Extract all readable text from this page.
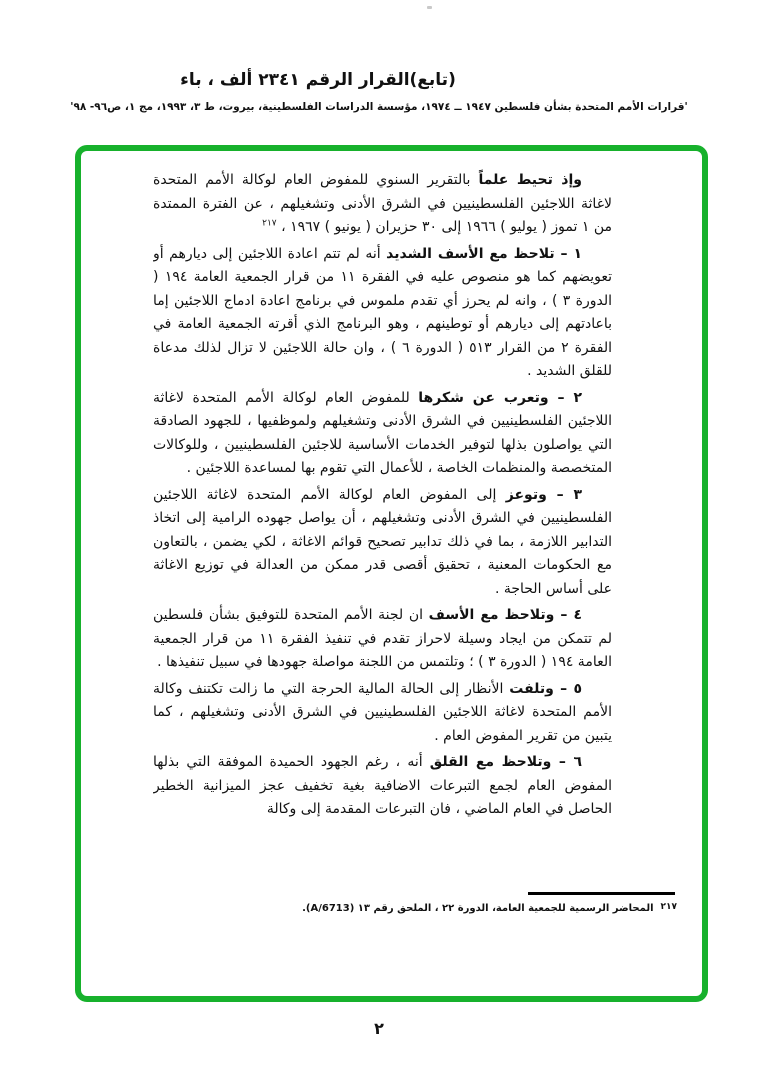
(تابع)القرار الرقم ٢٣٤١ ألف ، باء
'قرارات الأمم المتحدة بشأن فلسطين ١٩٤٧ ــ ١٩٧٤، مؤسسة الدراسات الفلسطينية، بيروت، ط ٣، ١٩٩٣، مج ١، ص٩٦- ٩٨'

وإذ تحيط علماً بالتقرير السنوي للمفوض العام لوكالة الأمم المتحدة لاغاثة اللاجئين الفلسطينيين في الشرق الأدنى وتشغيلهم ، عن الفترة الممتدة من ١ تموز ( يوليو ) ١٩٦٦ إلى ٣٠ حزيران ( يونيو ) ١٩٦٧ ، $^{٢١٧}$

١ – تلاحظ مع الأسف الشديد أنه لم تتم اعادة اللاجئين إلى ديارهم أو تعويضهم كما هو منصوص عليه في الفقرة ١١ من قرار الجمعية العامة ١٩٤ ( الدورة ٣ ) ، وانه لم يحرز أي تقدم ملموس في برنامج اعادة ادماج اللاجئين إما باعادتهم إلى ديارهم أو توطينهم ، وهو البرنامج الذي أقرته الجمعية العامة في الفقرة ٢ من القرار ٥١٣ ( الدورة ٦ ) ، وان حالة اللاجئين لا تزال لذلك مدعاة للقلق الشديد .

٢ – وتعرب عن شكرها للمفوض العام لوكالة الأمم المتحدة لاغاثة اللاجئين الفلسطينيين في الشرق الأدنى وتشغيلهم ولموظفيها ، للجهود الصادقة التي يواصلون بذلها لتوفير الخدمات الأساسية للاجئين الفلسطينيين ، وللوكالات المتخصصة والمنظمات الخاصة ، للأعمال التي تقوم بها لمساعدة اللاجئين .

٣ – وتوعز إلى المفوض العام لوكالة الأمم المتحدة لاغاثة اللاجئين الفلسطينيين في الشرق الأدنى وتشغيلهم ، أن يواصل جهوده الرامية إلى اتخاذ التدابير اللازمة ، بما في ذلك تدابير تصحيح قوائم الاغاثة ، لكي يضمن ، بالتعاون مع الحكومات المعنية ، تحقيق أقصى قدر ممكن من العدالة في توزيع الاغاثة على أساس الحاجة .

٤ – وتلاحظ مع الأسف ان لجنة الأمم المتحدة للتوفيق بشأن فلسطين لم تتمكن من ايجاد وسيلة لاحراز تقدم في تنفيذ الفقرة ١١ من قرار الجمعية العامة ١٩٤ ( الدورة ٣ ) ؛ وتلتمس من اللجنة مواصلة جهودها في سبيل تنفيذها .

٥ – وتلفت الأنظار إلى الحالة المالية الحرجة التي ما زالت تكتنف وكالة الأمم المتحدة لاغاثة اللاجئين الفلسطينيين في الشرق الأدنى وتشغيلهم ، كما يتبين من تقرير المفوض العام .

٦ – وتلاحظ مع القلق أنه ، رغم الجهود الحميدة الموفقة التي بذلها المفوض العام لجمع التبرعات الاضافية بغية تخفيف عجز الميزانية الخطير الحاصل في العام الماضي ، فان التبرعات المقدمة إلى وكالة

٢١٧المحاضر الرسمية للجمعية العامة، الدورة ٢٢ ، الملحق رقم ١٣ (A/6713).
٢
